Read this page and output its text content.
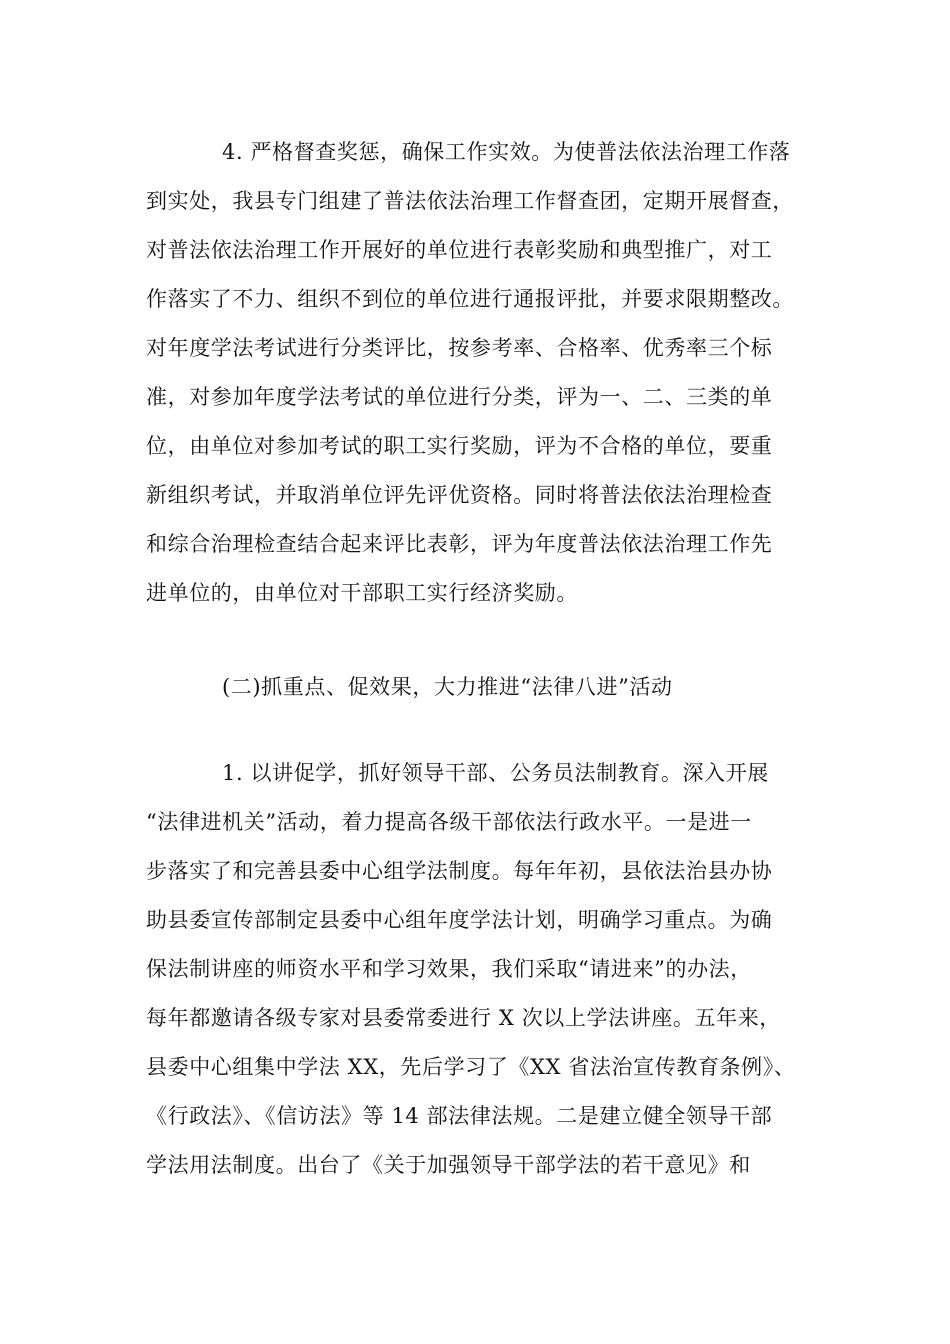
4. 严格督查奖惩，确保工作实效。为使普法依法治理工作落
到实处，我县专门组建了普法依法治理工作督查团，定期开展督查，
对普法依法治理工作开展好的单位进行表彰奖励和典型推广，对工
作落实了不力、组织不到位的单位进行通报评批，并要求限期整改。
对年度学法考试进行分类评比，按参考率、合格率、优秀率三个标
准，对参加年度学法考试的单位进行分类，评为一、二、三类的单
位，由单位对参加考试的职工实行奖励，评为不合格的单位，要重
新组织考试，并取消单位评先评优资格。同时将普法依法治理检查
和综合治理检查结合起来评比表彰，评为年度普法依法治理工作先
进单位的，由单位对干部职工实行经济奖励。
(二)抓重点、促效果，大力推进“法律八进”活动
1. 以讲促学，抓好领导干部、公务员法制教育。深入开展
“法律进机关”活动，着力提高各级干部依法行政水平。一是进一
步落实了和完善县委中心组学法制度。每年年初，县依法治县办协
助县委宣传部制定县委中心组年度学法计划，明确学习重点。为确
保法制讲座的师资水平和学习效果，我们采取“请进来”的办法，
每年都邀请各级专家对县委常委进行 X 次以上学法讲座。五年来，
县委中心组集中学法 XX，先后学习了《XX 省法治宣传教育条例》、
《行政法》、《信访法》等 14 部法律法规。二是建立健全领导干部
学法用法制度。出台了《关于加强领导干部学法的若干意见》和
